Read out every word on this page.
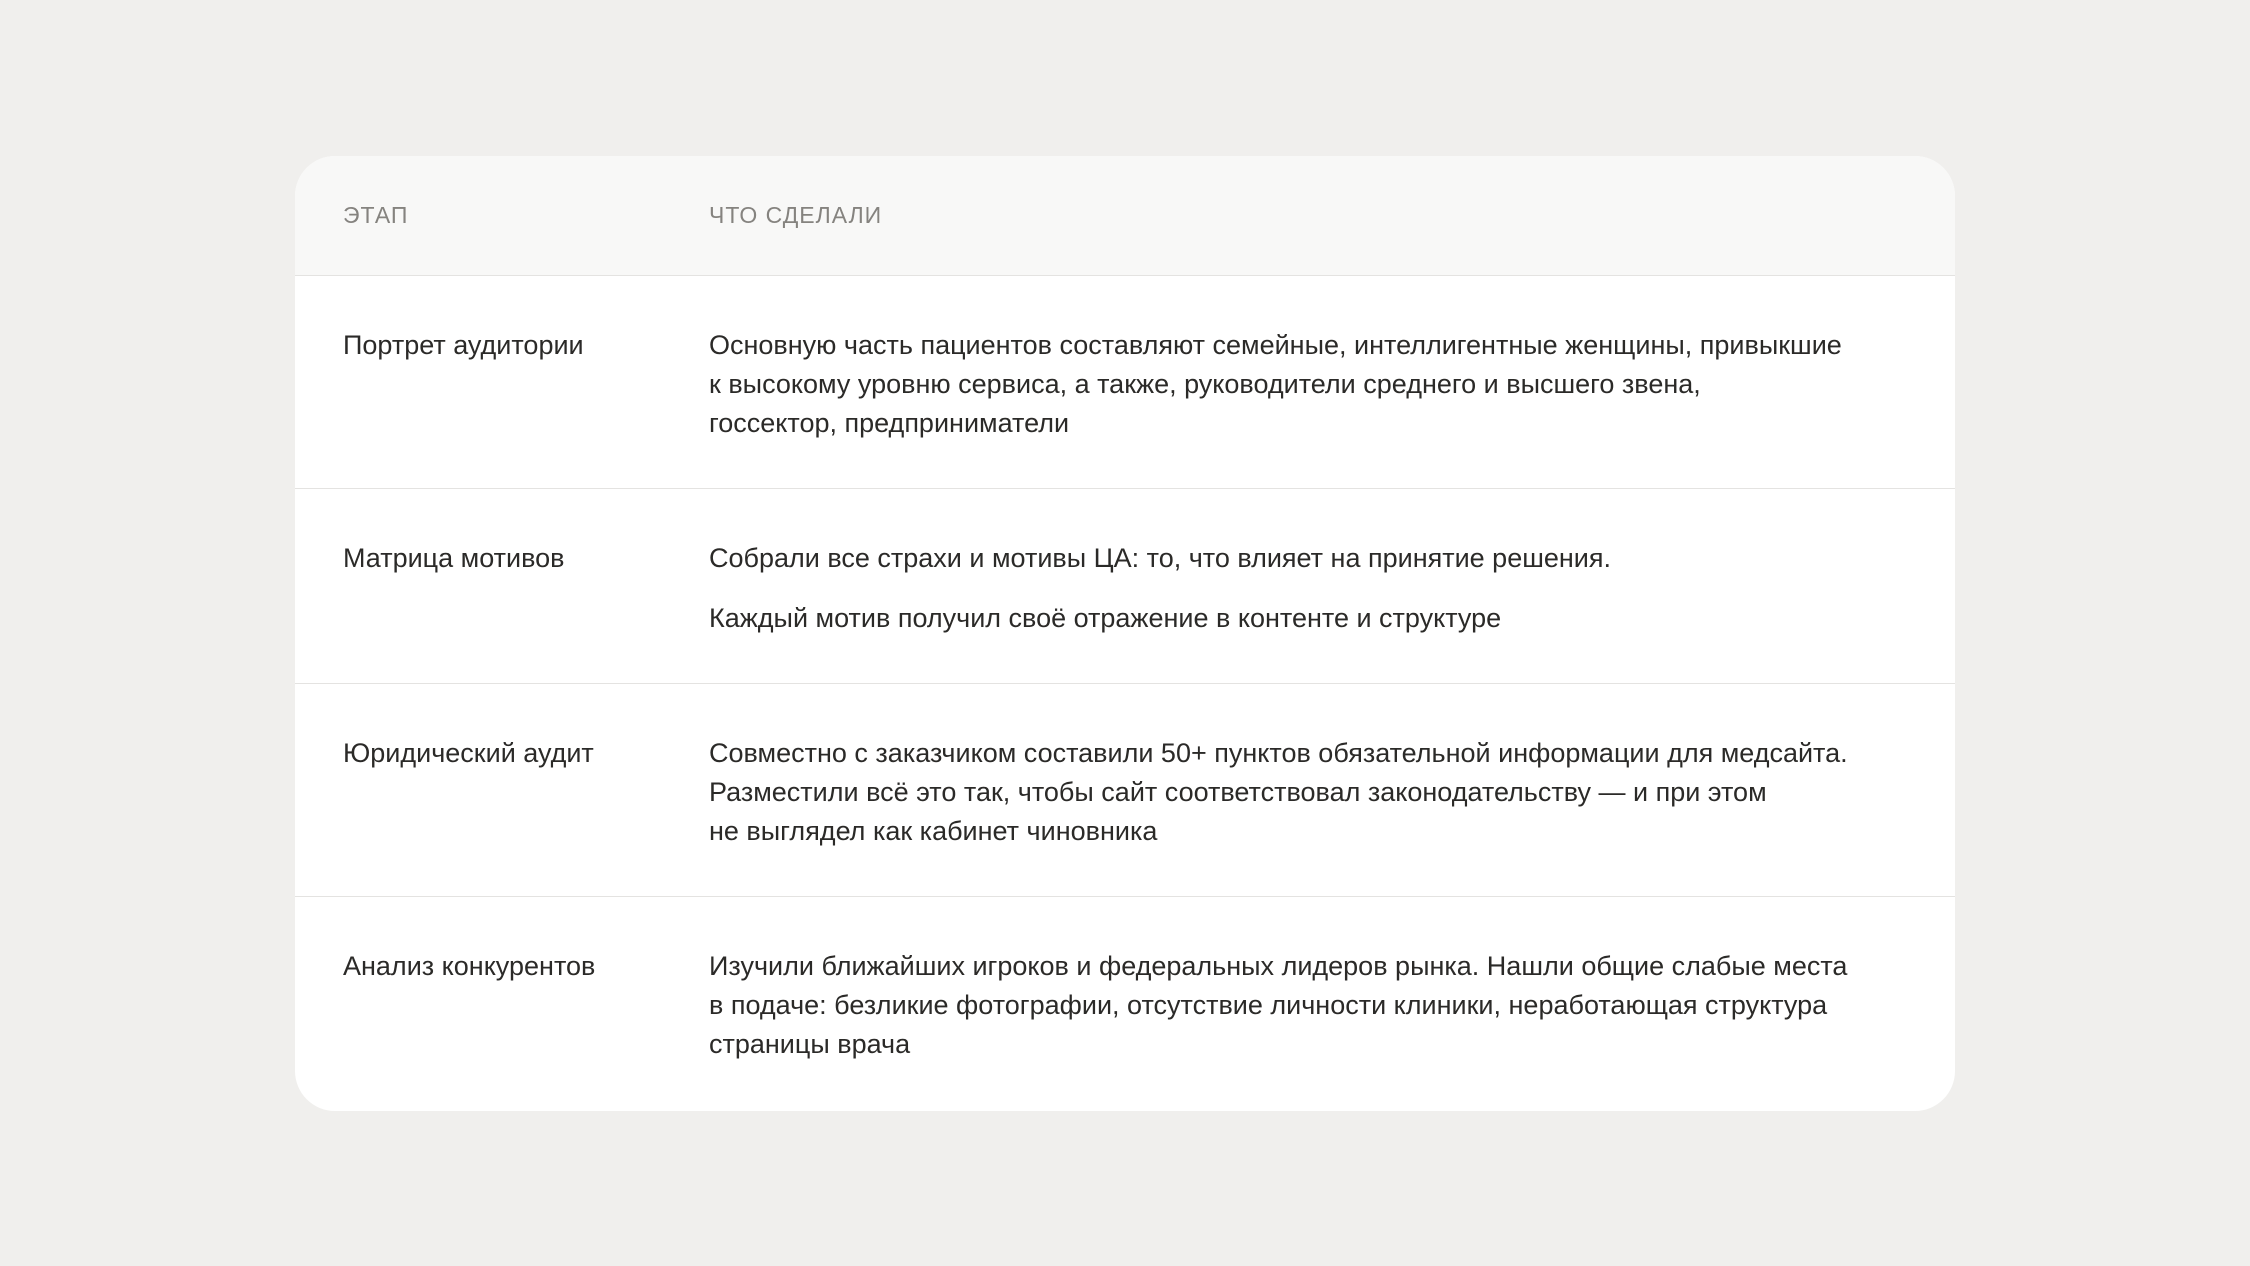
ЭТАП	ЧТО СДЕЛАЛИ
Портрет аудитории	Основную часть пациентов составляют семейные, интеллигентные женщины, привыкшие
к высокому уровню сервиса, а также, руководители среднего и высшего звена,
госсектор, предприниматели
Матрица мотивов	Собрали все страхи и мотивы ЦА: то, что влияет на принятие решения.

Каждый мотив получил своё отражение в контенте и структуре

Юридический аудит	Совместно с заказчиком составили 50+ пунктов обязательной информации для медсайта.
Разместили всё это так, чтобы сайт соответствовал законодательству — и при этом
не выглядел как кабинет чиновника
Анализ конкурентов	Изучили ближайших игроков и федеральных лидеров рынка. Нашли общие слабые места
в подаче: безликие фотографии, отсутствие личности клиники, неработающая структура
страницы врача
